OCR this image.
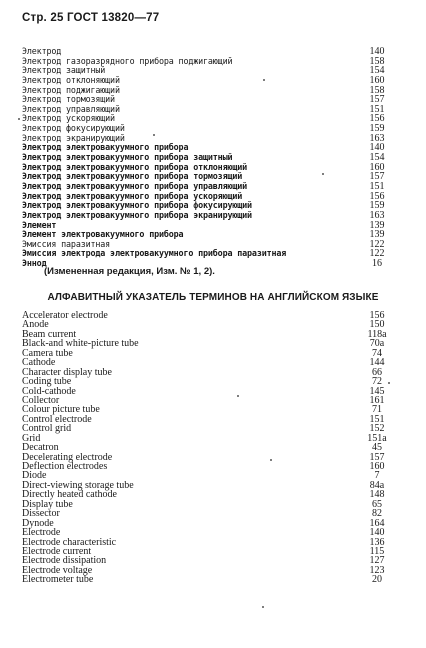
Стр. 25 ГОСТ 13820—77
Электрод	140
Электрод газоразрядного прибора поджигающий	158
Электрод защитный	154
Электрод отклоняющий	160
Электрод поджигающий	158
Электрод тормозящий	157
Электрод управляющий	151
Электрод ускоряющий	156
Электрод фокусирующий	159
Электрод экранирующий	163
Электрод электровакуумного прибора	140
Электрод электровакуумного прибора защитный	154
Электрод электровакуумного прибора отклоняющий	160
Электрод электровакуумного прибора тормозящий	157
Электрод электровакуумного прибора управляющий	151
Электрод электровакуумного прибора ускоряющий	156
Электрод электровакуумного прибора фокусирующий	159
Электрод электровакуумного прибора экранирующий	163
Элемент	139
Элемент электровакуумного прибора	139
Эмиссия паразитная	122
Эмиссия электрода электровакуумного прибора паразитная	122
Эннод	16
(Измененная редакция, Изм. № 1, 2).
АЛФАВИТНЫЙ УКАЗАТЕЛЬ ТЕРМИНОВ НА АНГЛИЙСКОМ ЯЗЫКЕ
Accelerator electrode	156
Anode	150
Beam current	118a
Black-and white-picture tube	70a
Camera tube	74
Cathode	144
Character display tube	66
Coding tube	72
Cold-cathode	145
Collector	161
Colour picture tube	71
Control electrode	151
Control grid	152
Grid	151a
Decatron	45
Decelerating electrode	157
Deflection electrodes	160
Diode	7
Direct-viewing storage tube	84a
Directly heated cathode	148
Display tube	65
Dissector	82
Dynode	164
Electrode	140
Electrode characteristic	136
Electrode current	115
Electrode dissipation	127
Electrode voltage	123
Electrometer tube	20
